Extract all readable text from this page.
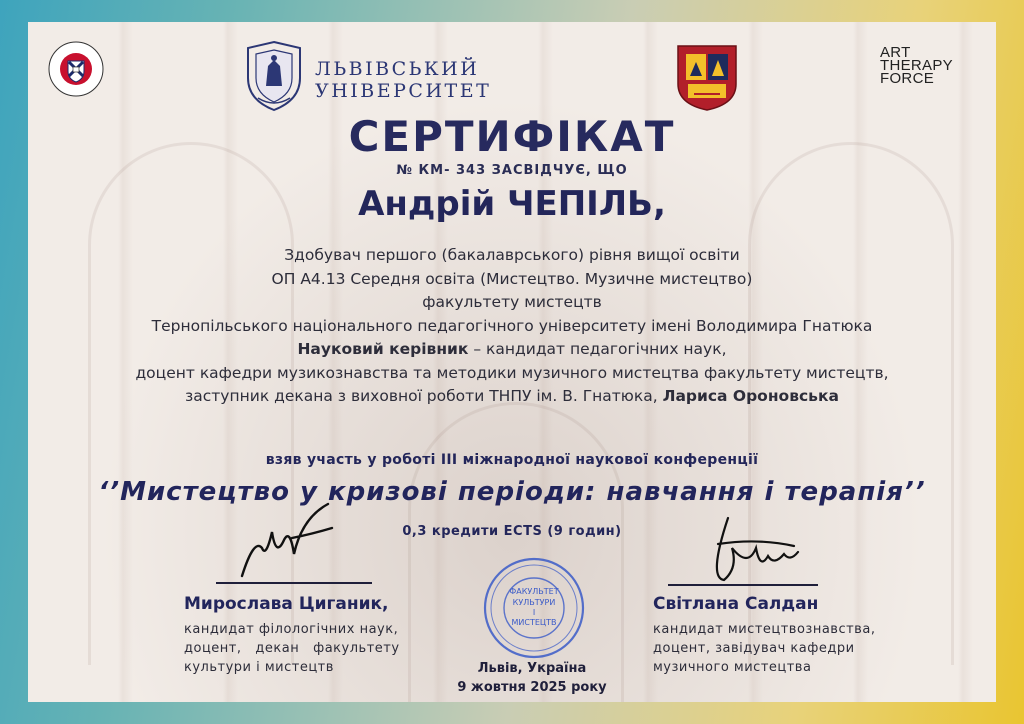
ЛЬВІВСЬКИЙ
УНІВЕРСИТЕТ
ART
THERAPY
FORCE
СЕРТИФІКАТ
№ КМ- 343 ЗАСВІДЧУЄ, ЩО
Андрій ЧЕПІЛЬ,
Здобувач першого (бакалаврського) рівня вищої освіти
ОП А4.13 Середня освіта (Мистецтво. Музичне мистецтво)
факультету мистецтв
Тернопільського національного педагогічного університету імені Володимира Гнатюка
Науковий керівник – кандидат педагогічних наук,
доцент кафедри музикознавства та методики музичного мистецтва факультету мистецтв,
заступник декана з виховної роботи ТНПУ ім. В. Гнатюка, Лариса Ороновська
взяв участь у роботі ІІІ міжнародної наукової конференції
‘’Мистецтво у кризові періоди: навчання і терапія’’
0,3 кредити ECTS (9 годин)
Мирослава Циганик,
кандидат філологічних наук,
доцент,   декан   факультету
культури і мистецтв
Світлана Салдан
кандидат мистецтвознавства,
доцент, завідувач кафедри
музичного мистецтва
ФАКУЛЬТЕТ
КУЛЬТУРИ
І
МИСТЕЦТВ
Львів, Україна
9 жовтня 2025 року
